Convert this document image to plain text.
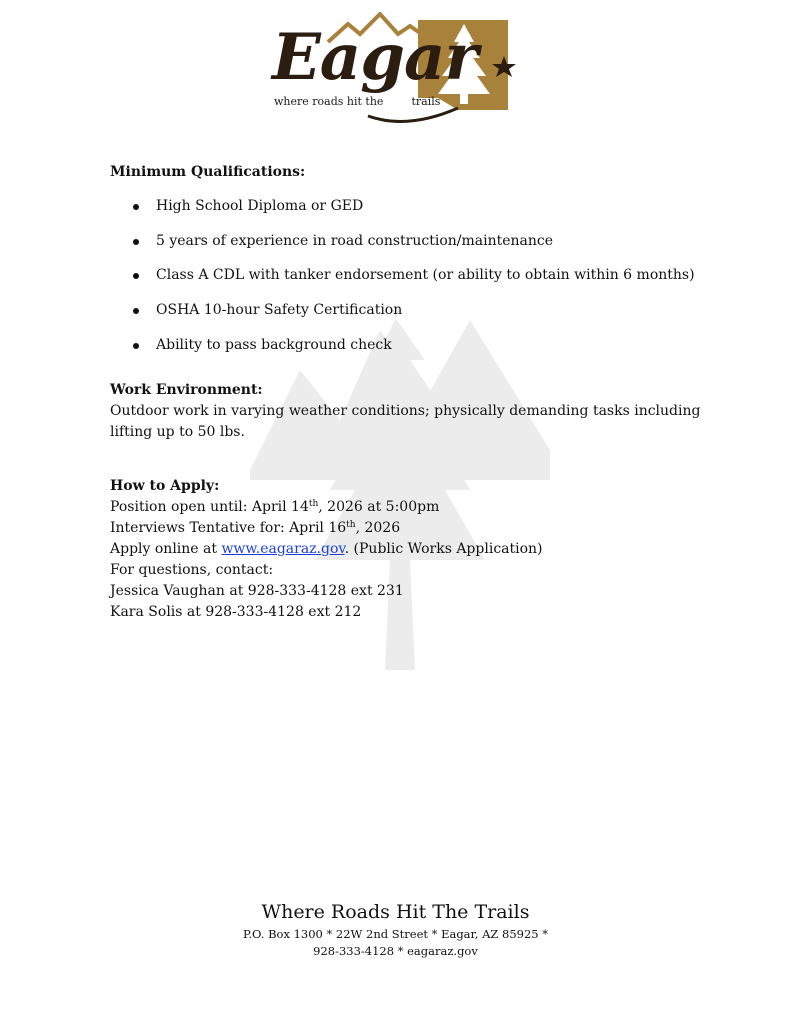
Eagar
where roads hit the	trails

Minimum Qualifications:

High School Diploma or GED
5 years of experience in road construction/maintenance
Class A CDL with tanker endorsement (or ability to obtain within 6 months)
OSHA 10-hour Safety Certification
Ability to pass background check

Work Environment:

Outdoor work in varying weather conditions; physically demanding tasks including lifting up to 50 lbs.

How to Apply:

Position open until: April 14th, 2026 at 5:00pm

Interviews Tentative for: April 16th, 2026

Apply online at www.eagaraz.gov. (Public Works Application)

For questions, contact:

Jessica Vaughan at 928-333-4128 ext 231

Kara Solis at 928-333-4128 ext 212

Where Roads Hit The Trails
P.O. Box 1300 * 22W 2nd Street * Eagar, AZ 85925 *
928-333-4128 * eagaraz.gov
